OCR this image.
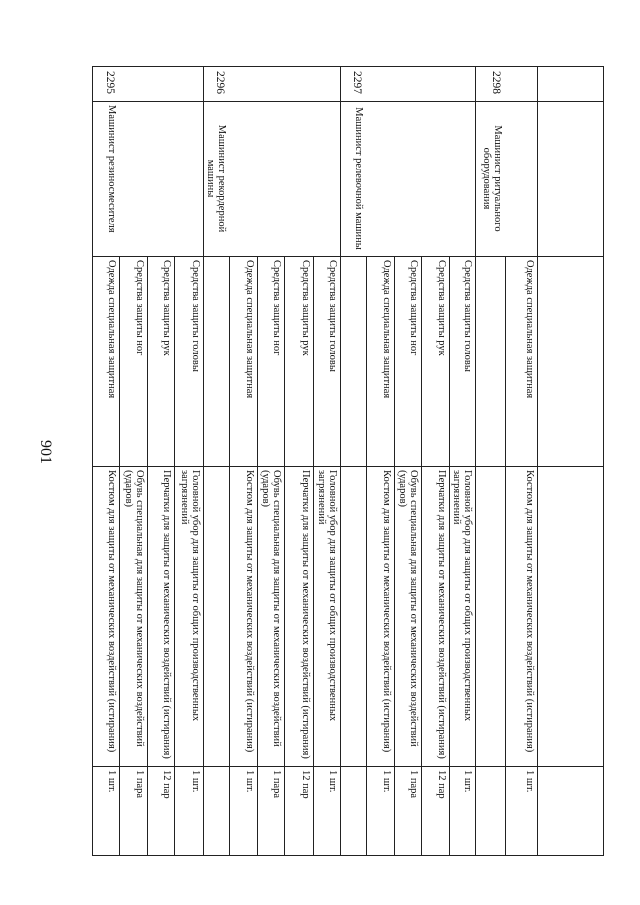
901
Одежда специальная защитная
Костюм для защиты от механических воздействий (истирания)
1 шт.
Средства защиты ног
Обувь специальная для защиты от механических воздействий (ударов)
1 пара
Средства защиты рук
Перчатки для защиты от механических воздействий (истирания)
12 пар
Средства защиты головы
Головной убор для защиты от общих производственных загрязнений
1 шт.
2295
Машинист резиносмесителя
Одежда специальная защитная
Костюм для защиты от механических воздействий (истирания)
1 шт.
Средства защиты ног
Обувь специальная для защиты от механических воздействий (ударов)
1 пара
Средства защиты рук
Перчатки для защиты от механических воздействий (истирания)
12 пар
Средства защиты головы
Головной убор для защиты от общих производственных загрязнений
1 шт.
2296
Машинист рекордерной машины
Одежда специальная защитная
Костюм для защиты от механических воздействий (истирания)
1 шт.
Средства защиты ног
Обувь специальная для защиты от механических воздействий (ударов)
1 пара
Средства защиты рук
Перчатки для защиты от механических воздействий (истирания)
12 пар
Средства защиты головы
Головной убор для защиты от общих производственных загрязнений
1 шт.
2297
Машинист релевочной машины
Одежда специальная защитная
Костюм для защиты от механических воздействий (истирания)
1 шт.
2298
Машинист ритуального оборудования
